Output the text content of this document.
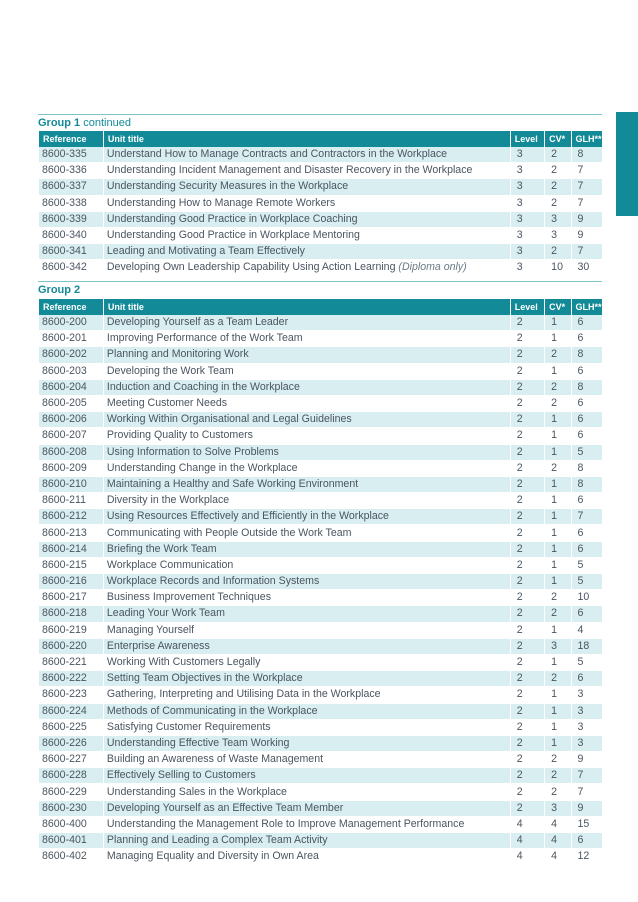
Group 1 continued
Reference	Unit title	Level	CV*	GLH**
8600-335	Understand How to Manage Contracts and Contractors in the Workplace	3	2	8
8600-336	Understanding Incident Management and Disaster Recovery in the Workplace	3	2	7
8600-337	Understanding Security Measures in the Workplace	3	2	7
8600-338	Understanding How to Manage Remote Workers	3	2	7
8600-339	Understanding Good Practice in Workplace Coaching	3	3	9
8600-340	Understanding Good Practice in Workplace Mentoring	3	3	9
8600-341	Leading and Motivating a Team Effectively	3	2	7
8600-342	Developing Own Leadership Capability Using Action Learning (Diploma only)	3	10	30
Group 2
Reference	Unit title	Level	CV*	GLH**
8600-200	Developing Yourself as a Team Leader	2	1	6
8600-201	Improving Performance of the Work Team	2	1	6
8600-202	Planning and Monitoring Work	2	2	8
8600-203	Developing the Work Team	2	1	6
8600-204	Induction and Coaching in the Workplace	2	2	8
8600-205	Meeting Customer Needs	2	2	6
8600-206	Working Within Organisational and Legal Guidelines	2	1	6
8600-207	Providing Quality to Customers	2	1	6
8600-208	Using Information to Solve Problems	2	1	5
8600-209	Understanding Change in the Workplace	2	2	8
8600-210	Maintaining a Healthy and Safe Working Environment	2	1	8
8600-211	Diversity in the Workplace	2	1	6
8600-212	Using Resources Effectively and Efficiently in the Workplace	2	1	7
8600-213	Communicating with People Outside the Work Team	2	1	6
8600-214	Briefing the Work Team	2	1	6
8600-215	Workplace Communication	2	1	5
8600-216	Workplace Records and Information Systems	2	1	5
8600-217	Business Improvement Techniques	2	2	10
8600-218	Leading Your Work Team	2	2	6
8600-219	Managing Yourself	2	1	4
8600-220	Enterprise Awareness	2	3	18
8600-221	Working With Customers Legally	2	1	5
8600-222	Setting Team Objectives in the Workplace	2	2	6
8600-223	Gathering, Interpreting and Utilising Data in the Workplace	2	1	3
8600-224	Methods of Communicating in the Workplace	2	1	3
8600-225	Satisfying Customer Requirements	2	1	3
8600-226	Understanding Effective Team Working	2	1	3
8600-227	Building an Awareness of Waste Management	2	2	9
8600-228	Effectively Selling to Customers	2	2	7
8600-229	Understanding Sales in the Workplace	2	2	7
8600-230	Developing Yourself as an Effective Team Member	2	3	9
8600-400	Understanding the Management Role to Improve Management Performance	4	4	15
8600-401	Planning and Leading a Complex Team Activity	4	4	6
8600-402	Managing Equality and Diversity in Own Area	4	4	12
